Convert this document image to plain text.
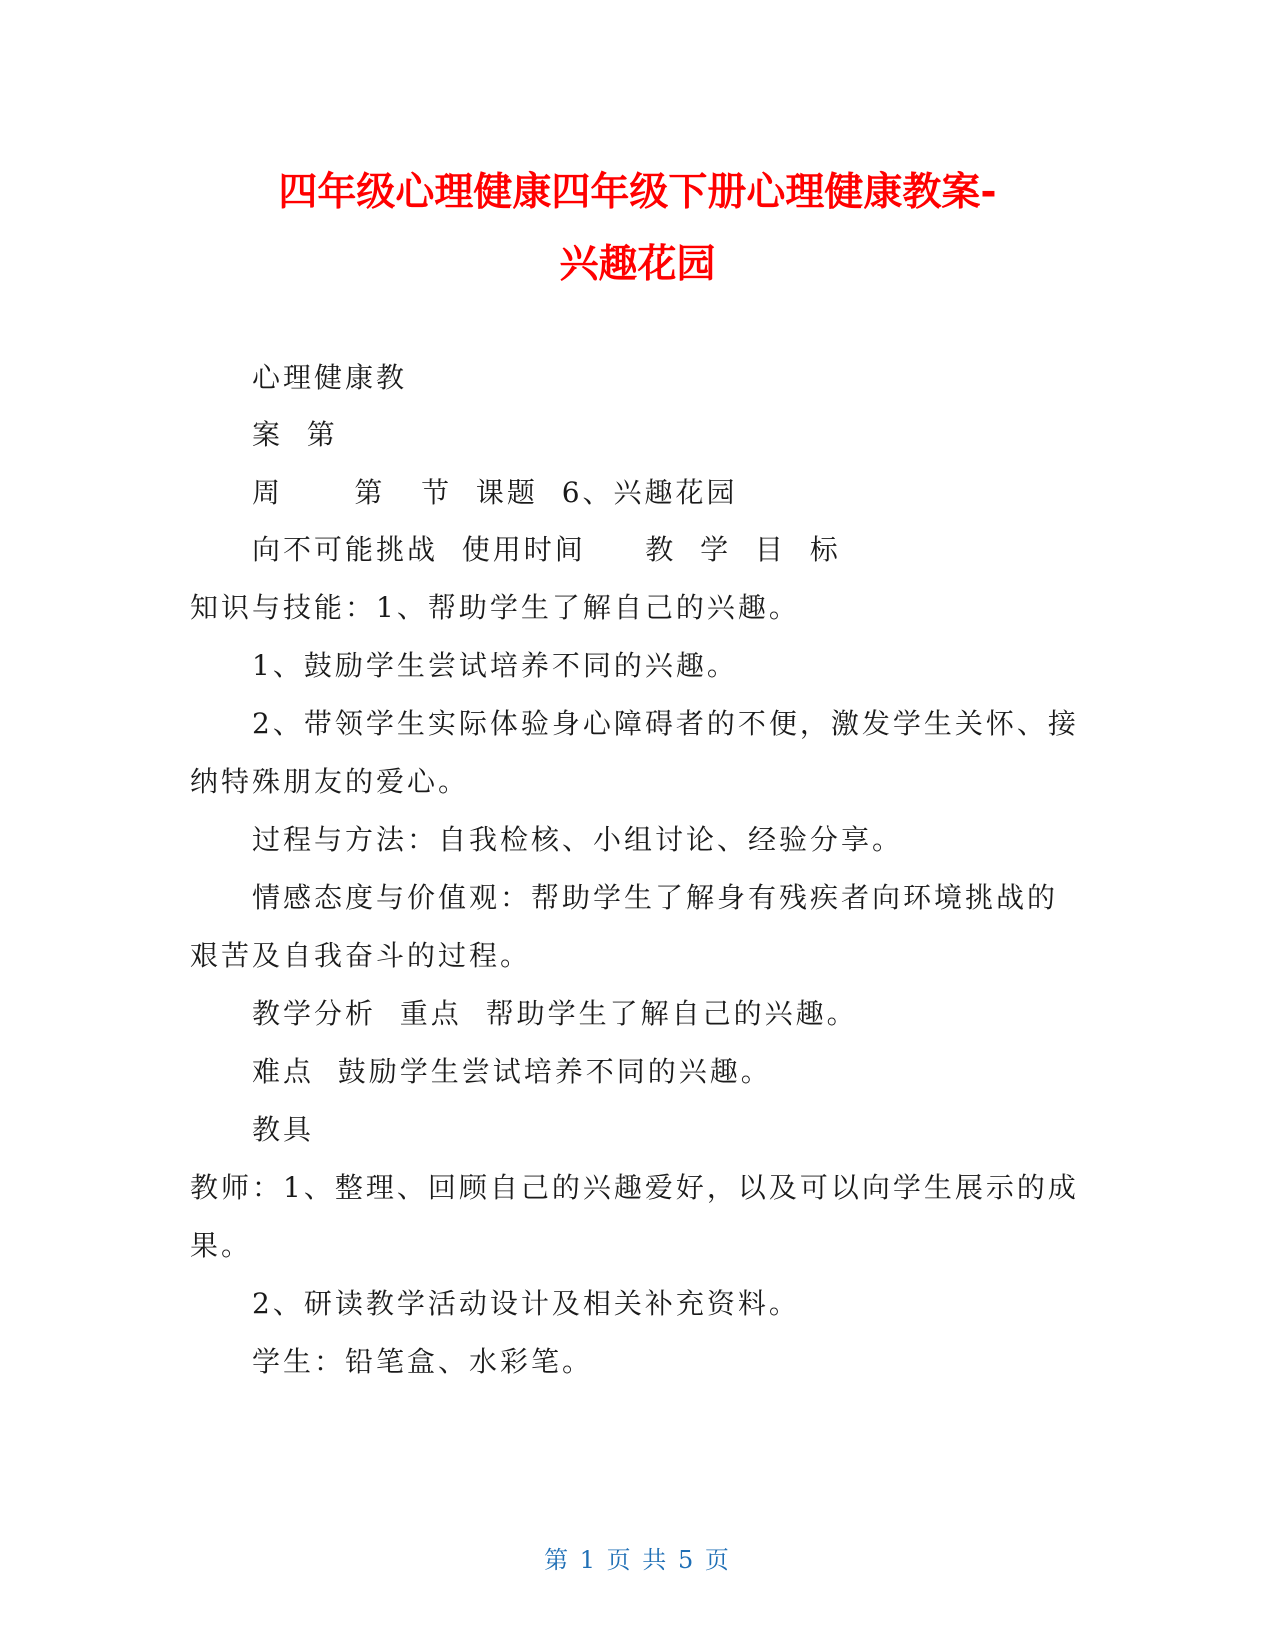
四年级心理健康四年级下册心理健康教案-
兴趣花园
心理健康教
案  第
周      第   节  课题  6、兴趣花园
向不可能挑战  使用时间     教  学  目  标
知识与技能：1、帮助学生了解自己的兴趣。
1、鼓励学生尝试培养不同的兴趣。
2、带领学生实际体验身心障碍者的不便，激发学生关怀、接
纳特殊朋友的爱心。
过程与方法：自我检核、小组讨论、经验分享。
情感态度与价值观：帮助学生了解身有残疾者向环境挑战的
艰苦及自我奋斗的过程。
教学分析  重点  帮助学生了解自己的兴趣。
难点  鼓励学生尝试培养不同的兴趣。
教具
教师：1、整理、回顾自己的兴趣爱好，以及可以向学生展示的成
果。
2、研读教学活动设计及相关补充资料。
学生：铅笔盒、水彩笔。
第 1 页 共 5 页
